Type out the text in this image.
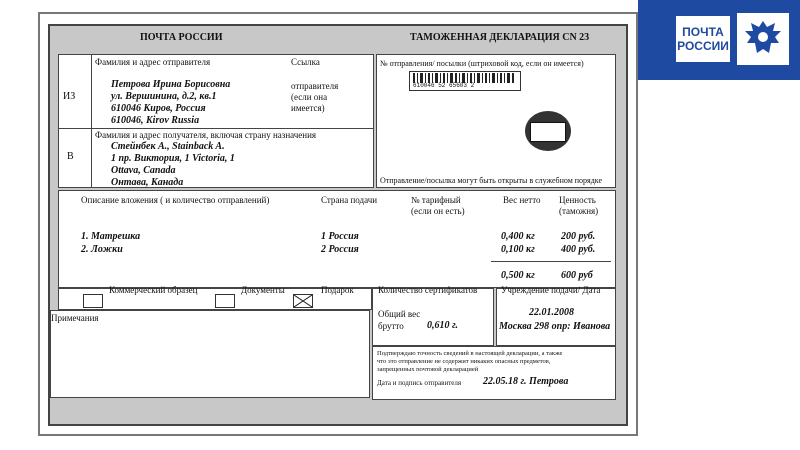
ПОЧТА
РОССИИ
ПОЧТА РОССИИ	ТАМОЖЕННАЯ ДЕКЛАРАЦИЯ CN 23
ИЗ
В
Фамилия и адрес отправителя	Ссылка
отправителя
(если она
имеется)
Петрова Ирина Борисовна
ул. Вершинина, д.2, кв.1
610046 Киров, Россия
610046, Kirov Russia
Фамилия и адрес получателя, включая страну назначения
Стейнбек А., Stainback A.
1 пр. Виктория, 1 Victoria, 1
Ottava, Canada
Онтава, Канада
№ отправления/ посылки (штриховой код, если он имеется)
610046 52 65603 2
Отправление/посылка могут быть открыты в служебном порядке
Описание вложения ( и количество отправлений)	Страна подачи	№ тарифный
(если он есть)
Вес нетто Ценность
(таможня)
1. Матрешка	1 Россия	0,400 кг	200 руб.
2. Ложки	2 Россия	0,100 кг	400 руб.
0,500 кг	600 руб
Коммерческий образец	Документы	Подарок
Примечания
Количество сертификатов
Общий вес
брутто 0,610 г.
Учреждение подачи/ Дата
22.01.2008
Москва 298 опр: Иванова
Подтверждаю точность сведений в настоящей декларации, а также
что это отправление не содержит никаких опасных предметов,
запрещенных почтовой декларацией
Дата и подпись отправителя 22.05.18 г. Петрова
